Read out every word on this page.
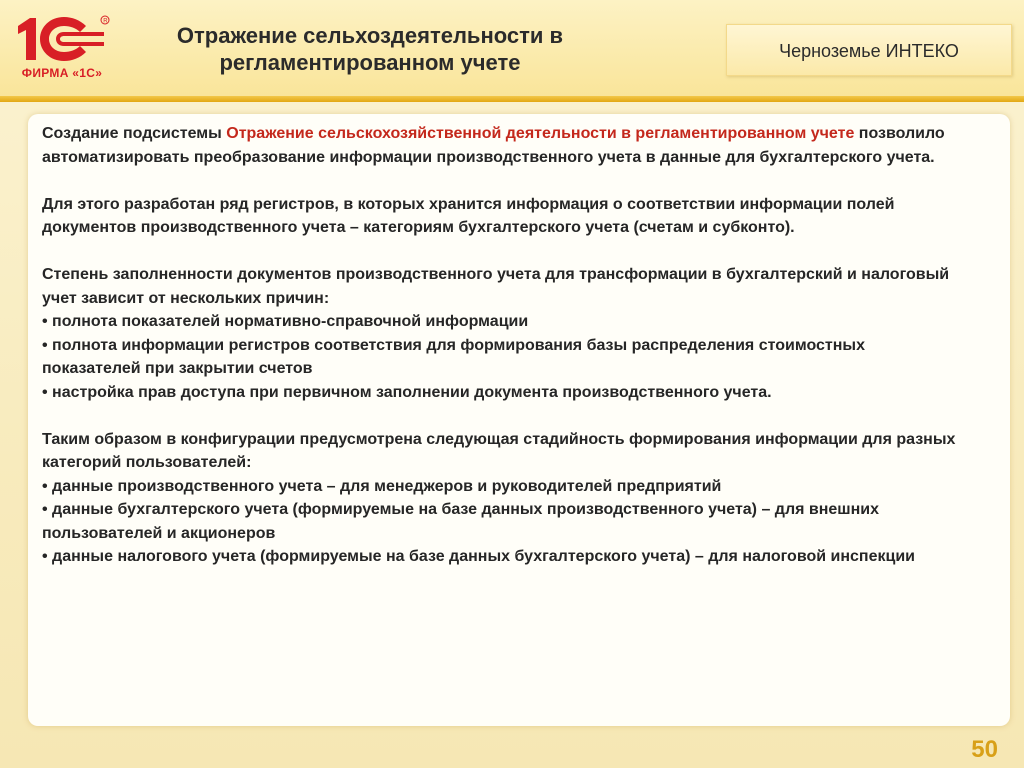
R
ФИРМА «1С»
Отражение сельхоздеятельности в регламентированном учете	Черноземье ИНТЕКО

Создание подсистемы Отражение сельскохозяйственной деятельности в регламентированном учете позволило автоматизировать преобразование информации производственного учета в данные для бухгалтерского учета.

Для этого разработан ряд регистров, в которых хранится информация о соответствии информации полей документов производственного учета – категориям бухгалтерского учета (счетам и субконто).

Степень заполненности документов производственного учета для трансформации в бухгалтерский и налоговый учет зависит от нескольких причин:
• полнота показателей нормативно-справочной информации
• полнота информации регистров соответствия для формирования базы распределения стоимостных показателей при закрытии счетов
• настройка прав доступа при первичном заполнении документа производственного учета.

Таким образом в конфигурации предусмотрена следующая стадийность формирования информации для разных категорий пользователей:
• данные производственного учета – для менеджеров и руководителей предприятий
• данные бухгалтерского учета (формируемые на базе данных производственного учета) – для внешних пользователей и акционеров
• данные налогового учета (формируемые на базе данных бухгалтерского учета) – для налоговой инспекции

50
